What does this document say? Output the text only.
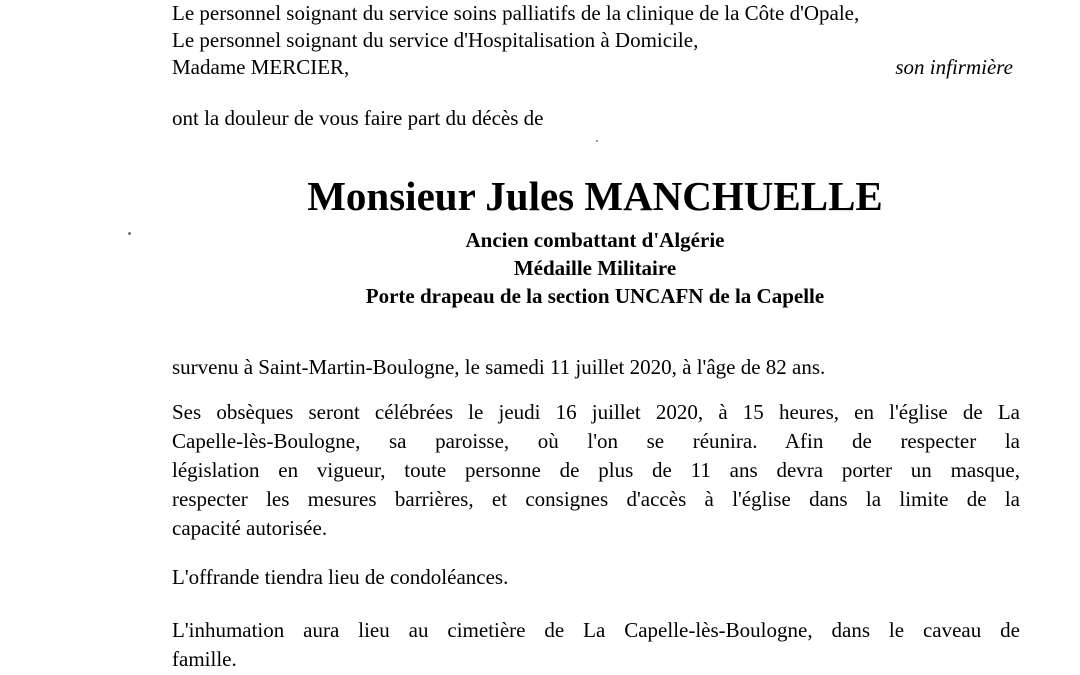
Le personnel soignant du service soins palliatifs de la clinique de la Côte d'Opale,
Le personnel soignant du service d'Hospitalisation à Domicile,
Madame MERCIER,	son infirmière
ont la douleur de vous faire part du décès de
Monsieur Jules MANCHUELLE
Ancien combattant d'Algérie
Médaille Militaire
Porte drapeau de la section UNCAFN de la Capelle
survenu à Saint-Martin-Boulogne, le samedi 11 juillet 2020, à l'âge de 82 ans.
Ses obsèques seront célébrées le jeudi 16 juillet 2020, à 15 heures, en l'église de La
Capelle-lès-Boulogne, sa paroisse, où l'on se réunira. Afin de respecter la
législation en vigueur, toute personne de plus de 11 ans devra porter un masque,
respecter les mesures barrières, et consignes d'accès à l'église dans la limite de la
capacité autorisée.
L'offrande tiendra lieu de condoléances.
L'inhumation aura lieu au cimetière de La Capelle-lès-Boulogne, dans le caveau de
famille.
